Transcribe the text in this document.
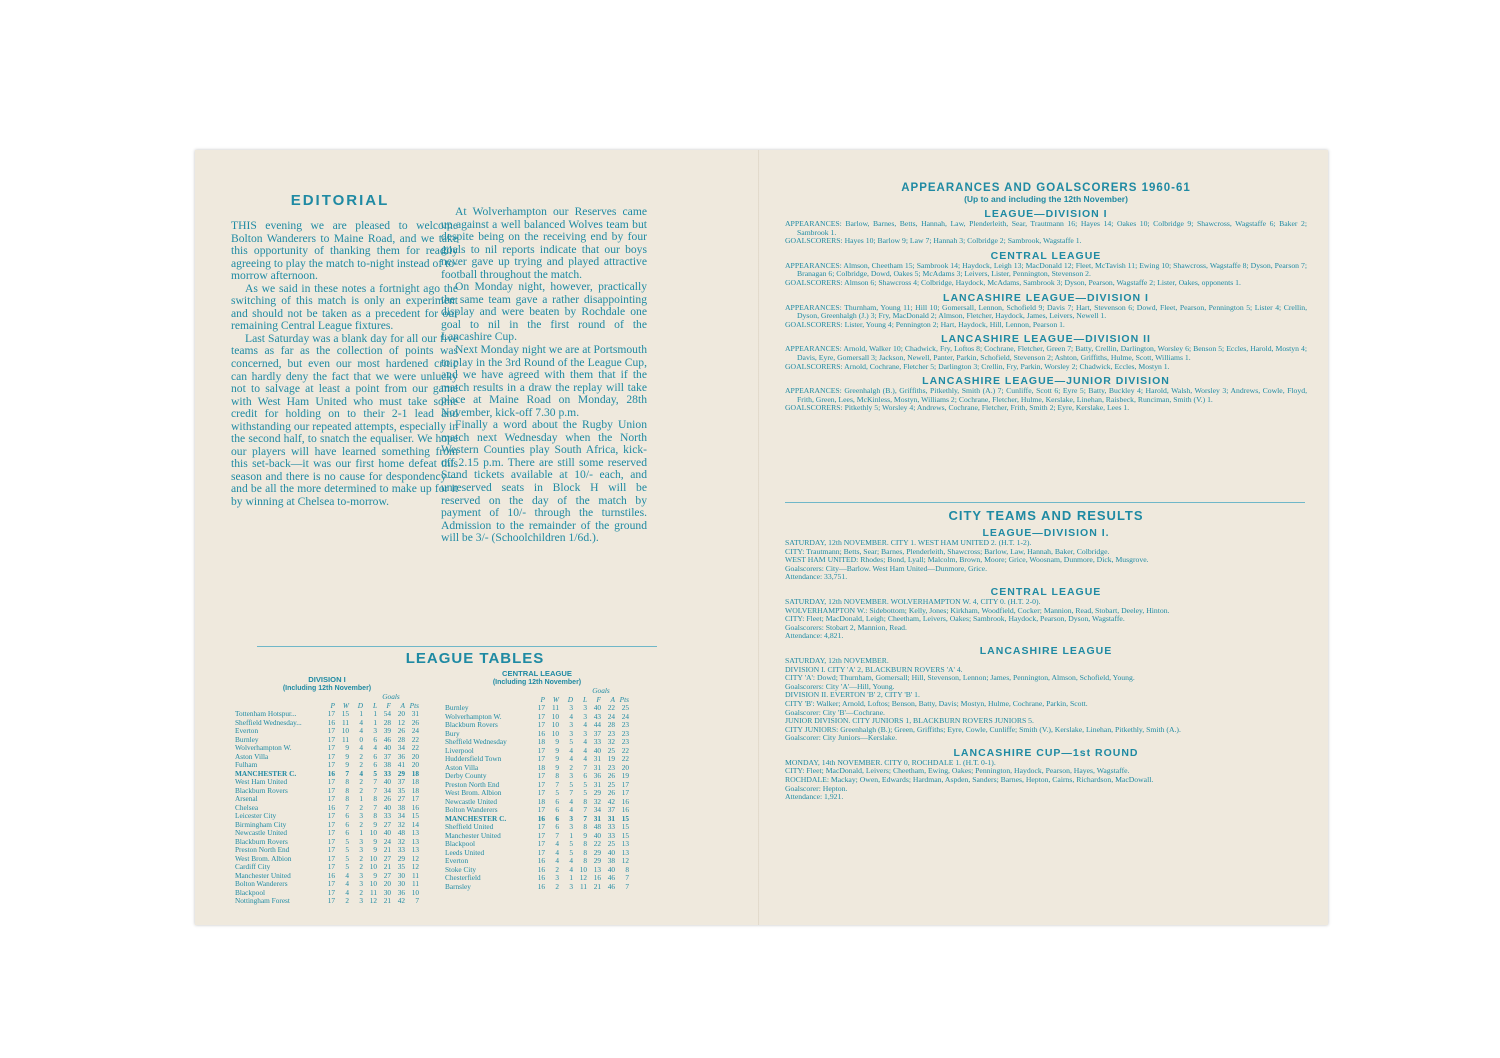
EDITORIAL

THIS evening we are pleased to welcome Bolton Wanderers to Maine Road, and we take this opportunity of thanking them for readily agreeing to play the match to-night instead of to-morrow afternoon.

As we said in these notes a fortnight ago the switching of this match is only an experiment and should not be taken as a precedent for our remaining Central League fixtures.

Last Saturday was a blank day for all our five teams as far as the collection of points was concerned, but even our most hardened critic can hardly deny the fact that we were unlucky not to salvage at least a point from our game with West Ham United who must take some credit for holding on to their 2-1 lead and withstanding our repeated attempts, especially in the second half, to snatch the equaliser. We hope our players will have learned something from this set-back—it was our first home defeat this season and there is no cause for despondency—and be all the more determined to make up for it by winning at Chelsea to-morrow.

At Wolverhampton our Reserves came up against a well balanced Wolves team but despite being on the receiving end by four goals to nil reports indicate that our boys never gave up trying and played attractive football throughout the match.

On Monday night, however, practically the same team gave a rather disappointing display and were beaten by Rochdale one goal to nil in the first round of the Lancashire Cup.

Next Monday night we are at Portsmouth to play in the 3rd Round of the League Cup, and we have agreed with them that if the match results in a draw the replay will take place at Maine Road on Monday, 28th November, kick-off 7.30 p.m.

Finally a word about the Rugby Union match next Wednesday when the North Western Counties play South Africa, kick-off 2.15 p.m. There are still some reserved Stand tickets available at 10/- each, and unreserved seats in Block H will be reserved on the day of the match by payment of 10/- through the turnstiles. Admission to the remainder of the ground will be 3/- (Schoolchildren 1/6d.).

LEAGUE TABLES
DIVISION I
(Including 12th November)
					Goals		
	P	W	D	L	F	A	Pts
Tottenham Hotspur...	17	15	1	1	54	20	31
Sheffield Wednesday...	16	11	4	1	28	12	26
Everton	17	10	4	3	39	26	24
Burnley	17	11	0	6	46	28	22
Wolverhampton W.	17	9	4	4	40	34	22
Aston Villa	17	9	2	6	37	36	20
Fulham	17	9	2	6	38	41	20
MANCHESTER C.	16	7	4	5	33	29	18
West Ham United	17	8	2	7	40	37	18
Blackburn Rovers	17	8	2	7	34	35	18
Arsenal	17	8	1	8	26	27	17
Chelsea	16	7	2	7	40	38	16
Leicester City	17	6	3	8	33	34	15
Birmingham City	17	6	2	9	27	32	14
Newcastle United	17	6	1	10	40	48	13
Blackburn Rovers	17	5	3	9	24	32	13
Preston North End	17	5	3	9	21	33	13
West Brom. Albion	17	5	2	10	27	29	12
Cardiff City	17	5	2	10	21	35	12
Manchester United	16	4	3	9	27	30	11
Bolton Wanderers	17	4	3	10	20	30	11
Blackpool	17	4	2	11	30	36	10
Nottingham Forest	17	2	3	12	21	42	7
CENTRAL LEAGUE
(Including 12th November)
					Goals		
	P	W	D	L	F	A	Pts
Burnley	17	11	3	3	40	22	25
Wolverhampton W.	17	10	4	3	43	24	24
Blackburn Rovers	17	10	3	4	44	28	23
Bury	16	10	3	3	37	23	23
Sheffield Wednesday	18	9	5	4	33	32	23
Liverpool	17	9	4	4	40	25	22
Huddersfield Town	17	9	4	4	31	19	22
Aston Villa	18	9	2	7	31	23	20
Derby County	17	8	3	6	36	26	19
Preston North End	17	7	5	5	31	25	17
West Brom. Albion	17	5	7	5	29	26	17
Newcastle United	18	6	4	8	32	42	16
Bolton Wanderers	17	6	4	7	34	37	16
MANCHESTER C.	16	6	3	7	31	31	15
Sheffield United	17	6	3	8	48	33	15
Manchester United	17	7	1	9	40	33	15
Blackpool	17	4	5	8	22	25	13
Leeds United	17	4	5	8	29	40	13
Everton	16	4	4	8	29	38	12
Stoke City	16	2	4	10	13	40	8
Chesterfield	16	3	1	12	16	46	7
Barnsley	16	2	3	11	21	46	7
APPEARANCES AND GOALSCORERS 1960-61
(Up to and including the 12th November)
LEAGUE—DIVISION I

APPEARANCES: Barlow, Barnes, Betts, Hannah, Law, Plenderleith, Sear, Trautmann 16; Hayes 14; Oakes 10; Colbridge 9; Shawcross, Wagstaffe 6; Baker 2; Sambrook 1.

GOALSCORERS: Hayes 10; Barlow 9; Law 7; Hannah 3; Colbridge 2; Sambrook, Wagstaffe 1.

CENTRAL LEAGUE

APPEARANCES: Almson, Cheetham 15; Sambrook 14; Haydock, Leigh 13; MacDonald 12; Fleet, McTavish 11; Ewing 10; Shawcross, Wagstaffe 8; Dyson, Pearson 7; Branagan 6; Colbridge, Dowd, Oakes 5; McAdams 3; Leivers, Lister, Pennington, Stevenson 2.

GOALSCORERS: Almson 6; Shawcross 4; Colbridge, Haydock, McAdams, Sambrook 3; Dyson, Pearson, Wagstaffe 2; Lister, Oakes, opponents 1.

LANCASHIRE LEAGUE—DIVISION I

APPEARANCES: Thurnham, Young 11; Hill 10; Gomersall, Lennon, Schofield 9; Davis 7; Hart, Stevenson 6; Dowd, Fleet, Pearson, Pennington 5; Lister 4; Crellin, Dyson, Greenhalgh (J.) 3; Fry, MacDonald 2; Almson, Fletcher, Haydock, James, Leivers, Newell 1.

GOALSCORERS: Lister, Young 4; Pennington 2; Hart, Haydock, Hill, Lennon, Pearson 1.

LANCASHIRE LEAGUE—DIVISION II

APPEARANCES: Arnold, Walker 10; Chadwick, Fry, Loftos 8; Cochrane, Fletcher, Green 7; Batty, Crellin, Darlington, Worsley 6; Benson 5; Eccles, Harold, Mostyn 4; Davis, Eyre, Gomersall 3; Jackson, Newell, Panter, Parkin, Schofield, Stevenson 2; Ashton, Griffiths, Hulme, Scott, Williams 1.

GOALSCORERS: Arnold, Cochrane, Fletcher 5; Darlington 3; Crellin, Fry, Parkin, Worsley 2; Chadwick, Eccles, Mostyn 1.

LANCASHIRE LEAGUE—JUNIOR DIVISION

APPEARANCES: Greenhalgh (B.), Griffiths, Pitkethly, Smith (A.) 7; Cunliffe, Scott 6; Eyre 5; Batty, Buckley 4; Harold, Walsh, Worsley 3; Andrews, Cowle, Floyd, Frith, Green, Lees, McKinless, Mostyn, Williams 2; Cochrane, Fletcher, Hulme, Kerslake, Linehan, Raisbeck, Runciman, Smith (V.) 1.

GOALSCORERS: Pitkethly 5; Worsley 4; Andrews, Cochrane, Fletcher, Frith, Smith 2; Eyre, Kerslake, Lees 1.

CITY TEAMS AND RESULTS
LEAGUE—DIVISION I.

SATURDAY, 12th NOVEMBER. CITY 1. WEST HAM UNITED 2. (H.T. 1-2).

CITY: Trautmann; Betts, Sear; Barnes, Plenderleith, Shawcross; Barlow, Law, Hannah, Baker, Colbridge.

WEST HAM UNITED: Rhodes; Bond, Lyall; Malcolm, Brown, Moore; Grice, Woosnam, Dunmore, Dick, Musgrove.

Goalscorers: City—Barlow. West Ham United—Dunmore, Grice.

Attendance: 33,751.

CENTRAL LEAGUE

SATURDAY, 12th NOVEMBER. WOLVERHAMPTON W. 4, CITY 0. (H.T. 2-0).

WOLVERHAMPTON W.: Sidebottom; Kelly, Jones; Kirkham, Woodfield, Cocker; Mannion, Read, Stobart, Deeley, Hinton.

CITY: Fleet; MacDonald, Leigh; Cheetham, Leivers, Oakes; Sambrook, Haydock, Pearson, Dyson, Wagstaffe.

Goalscorers: Stobart 2, Mannion, Read.

Attendance: 4,821.

LANCASHIRE LEAGUE

SATURDAY, 12th NOVEMBER.

DIVISION I. CITY 'A' 2, BLACKBURN ROVERS 'A' 4.

CITY 'A': Dowd; Thurnham, Gomersall; Hill, Stevenson, Lennon; James, Pennington, Almson, Schofield, Young.

Goalscorers: City 'A'—Hill, Young.

DIVISION II. EVERTON 'B' 2, CITY 'B' 1.

CITY 'B': Walker; Arnold, Loftos; Benson, Batty, Davis; Mostyn, Hulme, Cochrane, Parkin, Scott.

Goalscorer: City 'B'—Cochrane.

JUNIOR DIVISION. CITY JUNIORS 1, BLACKBURN ROVERS JUNIORS 5.

CITY JUNIORS: Greenhalgh (B.); Green, Griffiths; Eyre, Cowle, Cunliffe; Smith (V.), Kerslake, Linehan, Pitkethly, Smith (A.).

Goalscorer: City Juniors—Kerslake.

LANCASHIRE CUP—1st ROUND

MONDAY, 14th NOVEMBER. CITY 0, ROCHDALE 1. (H.T. 0-1).

CITY: Fleet; MacDonald, Leivers; Cheetham, Ewing, Oakes; Pennington, Haydock, Pearson, Hayes, Wagstaffe.

ROCHDALE: Mackay; Owen, Edwards; Hardman, Aspden, Sanders; Barnes, Hepton, Cairns, Richardson, MacDowall.

Goalscorer: Hepton.

Attendance: 1,921.
